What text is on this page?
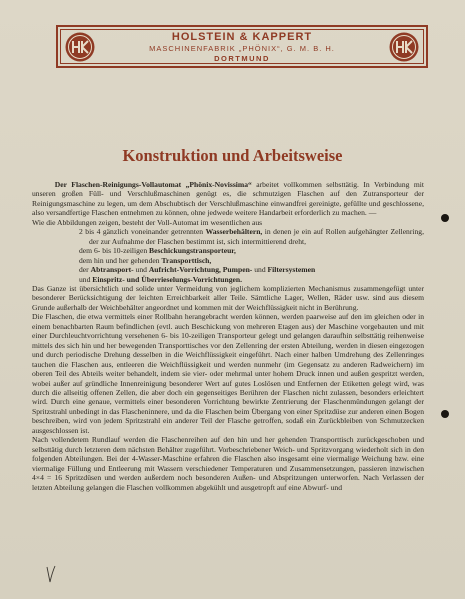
HOLSTEIN & KAPPERT
MASCHINENFABRIK „PHÖNIX“, G. M. B. H.
DORTMUND
Konstruktion und Arbeitsweise

   Der Flaschen-Reinigungs-Vollautomat „Phönix-Novissima“ arbeitet vollkommen selbsttätig. In Verbindung mit unseren großen Füll- und Verschlußmaschinen genügt es, die schmutzigen Flaschen auf den Zutransporteur der Reinigungsmaschine zu legen, um dem Abschubtisch der Verschlußmaschine einwandfrei gereinigte, gefüllte und geschlossene, also versandfertige Flaschen entnehmen zu können, ohne jedwede weitere Handarbeit erforderlich zu machen. —

Wie die Abbildungen zeigen, besteht der Voll-Automat im wesentlichen aus

2 bis 4 gänzlich voneinander getrennten Wasserbehältern, in denen je ein auf Rollen aufgehängter Zellenring, der zur Aufnahme der Flaschen bestimmt ist, sich intermittierend dreht,

dem 6- bis 10-zeiligen Beschickungstransporteur,

dem hin und her gehenden Transporttisch,

der Abtransport- und Aufricht-Vorrichtung, Pumpen- und Filtersystemen

und Einspritz- und Überrieselungs-Vorrichtungen.

Das Ganze ist übersichtlich und solide unter Vermeidung von jeglichem komplizierten Mechanismus zusammengefügt unter besonderer Berücksichtigung der leichten Erreichbarkeit aller Teile. Sämtliche Lager, Wellen, Räder usw. sind aus diesem Grunde außerhalb der Weichbehälter angeordnet und kommen mit der Weichflüssigkeit nicht in Berührung.

Die Flaschen, die etwa vermittels einer Rollbahn herangebracht werden können, werden paarweise auf den im gleichen oder in einem benachbarten Raum befindlichen (evtl. auch Beschickung von mehreren Etagen aus) der Maschine vorgebauten und mit einer Durchleuchtvorrichtung versehenen 6- bis 10-zeiligen Transporteur gelegt und gelangen daraufhin selbsttätig reihenweise mittels des sich hin und her bewegenden Transporttisches vor den Zellenring der ersten Abteilung, werden in diesen eingezogen und durch periodische Drehung desselben in die Weichflüssigkeit eingeführt. Nach einer halben Umdrehung des Zellenringes tauchen die Flaschen aus, entleeren die Weichflüssigkeit und werden nunmehr (im Gegensatz zu anderen Radweichern) im oberen Teil des Abteils weiter behandelt, indem sie vier- oder mehrmal unter hohem Druck innen und außen gespritzt werden, wobei außer auf gründliche Innenreinigung besonderer Wert auf gutes Loslösen und Entfernen der Etiketten gelegt wird, was durch die allseitig offenen Zellen, die aber doch ein gegenseitiges Berühren der Flaschen nicht zulassen, besonders erleichtert wird. Durch eine genaue, vermittels einer besonderen Vorrichtung bewirkte Zentrierung der Flaschenmündungen gelangt der Spritzstrahl unbedingt in das Flascheninnere, und da die Flaschen beim Übergang von einer Spritzdüse zur anderen einen Bogen beschreiben, wird von jedem Spritzstrahl ein anderer Teil der Flasche getroffen, sodaß ein Zurückbleiben von Schmutzecken ausgeschlossen ist.

Nach vollendetem Rundlauf werden die Flaschenreihen auf den hin und her gehenden Transporttisch zurückgeschoben und selbsttätig durch letzteren dem nächsten Behälter zugeführt. Vorbeschriebener Weich- und Spritzvorgang wiederholt sich in den folgenden Abteilungen. Bei der 4-Wasser-Maschine erfahren die Flaschen also insgesamt eine viermalige Weichung bzw. eine viermalige Füllung und Entleerung mit Wassern verschiedener Temperaturen und Zusammensetzungen, passieren inzwischen 4×4 = 16 Spritzdüsen und werden außerdem noch besonderen Außen- und Abspritzungen unterworfen. Nach Verlassen der letzten Abteilung gelangen die Flaschen vollkommen abgekühlt und ausgetropft auf eine Abwurf- und
